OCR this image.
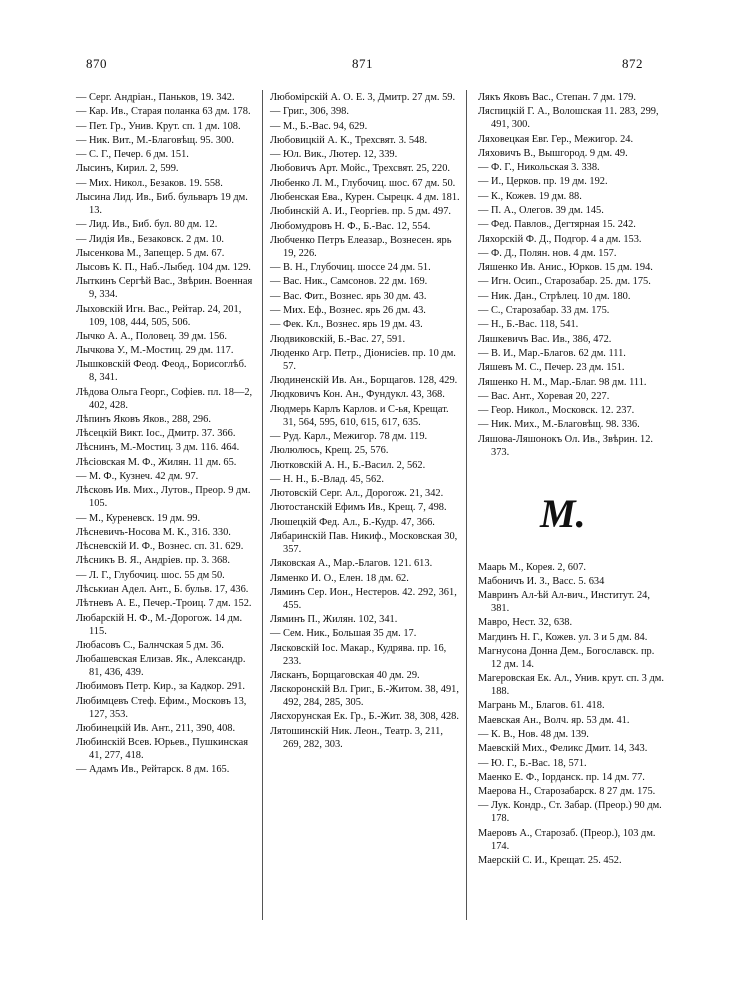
870	871	872
— Серг. Андріан., Паньков, 19. 342.
— Кар. Ив., Старая поланка 63 дм. 178.
— Пет. Гр., Унив. Крут. сп. 1 дм. 108.
— Ник. Вит., М.-Благовѣщ. 95. 300.
— С. Г., Печер. 6 дм. 151.
Лысинъ, Кирил. 2, 599.
— Мих. Никол., Безаков. 19. 558.
Лысина Лид. Ив., Биб. бульваръ 19 дм. 13.
— Лид. Ив., Биб. бул. 80 дм. 12.
— Лидія Ив., Безаковск. 2 дм. 10.
Лысенкова М., Запещер. 5 дм. 67.
Лысовъ К. П., Наб.-Лыбед. 104 дм. 129.
Лыткинъ Сергѣй Вас., Звѣрин. Военная 9, 334.
Лыховскій Игн. Вас., Рейтар. 24, 201, 109, 108, 444, 505, 506.
Лычко А. А., Половец. 39 дм. 156.
Лычкова У., М.-Мостиц. 29 дм. 117.
Лышковскій Феод. Феод., Борисоглѣб. 8, 341.
Лѣдова Ольга Георг., Софіев. пл. 18—2, 402, 428.
Лѣпинъ Яковъ Яков., 288, 296.
Лѣсецкій Викт. Іос., Дмитр. 37. 366.
Лѣснинъ, М.-Мостиц. 3 дм. 116. 464.
Лѣсіовская М. Ф., Жилян. 11 дм. 65.
— М. Ф., Кузнеч. 42 дм. 97.
Лѣсковъ Ив. Мих., Лутов., Преор. 9 дм. 105.
— М., Куреневск. 19 дм. 99.
Лѣсневичъ-Носова М. К., 316. 330.
Лѣсневскій И. Ф., Вознес. сп. 31. 629.
Лѣсникъ В. Я., Андріев. пр. 3. 368.
— Л. Г., Глубочиц. шос. 55 дм 50.
Лѣськиан Адел. Ант., Б. бульв. 17, 436.
Лѣтневъ А. Е., Печер.-Троиц. 7 дм. 152.
Любарскій Н. Ф., М.-Дорогож. 14 дм. 115.
Любасовъ С., Балнчская 5 дм. 36.
Любашевская Елизав. Як., Александр. 81, 436, 439.
Любимовъ Петр. Кир., за Кадкор. 291.
Любимцевъ Стеф. Ефим., Московъ 13, 127, 353.
Любинецкій Ив. Ант., 211, 390, 408.
Любинскій Всев. Юрьев., Пушкинская 41, 277, 418.
— Адамъ Ив., Рейтарск. 8 дм. 165.
Любомірскій А. О. Е. 3, Дмитр. 27 дм. 59.
— Григ., 306, 398.
— М., Б.-Вас. 94, 629.
Любовицкій А. К., Трехсвят. 3. 548.
— Юл. Вик., Лютер. 12, 339.
Любовичъ Арт. Мойс., Трехсвят. 25, 220.
Любенко Л. М., Глубочиц. шос. 67 дм. 50.
Любенская Ева., Курен. Сырецк. 4 дм. 181.
Любинскій А. И., Георгіев. пр. 5 дм. 497.
Любомудровъ Н. Ф., Б.-Вас. 12, 554.
Любченко Петръ Елеазар., Вознесен. ярь 19, 226.
— В. Н., Глубочиц. шоссе 24 дм. 51.
— Вас. Ник., Самсонов. 22 дм. 169.
— Вас. Фит., Вознес. ярь 30 дм. 43.
— Мих. Еф., Вознес. ярь 26 дм. 43.
— Фек. Кл., Вознес. ярь 19 дм. 43.
Людвиковскій, Б.-Вас. 27, 591.
Люденко Агр. Петр., Діонисіев. пр. 10 дм. 57.
Людиненскій Ив. Ан., Борщагов. 128, 429.
Людковичъ Кон. Ан., Фундукл. 43, 368.
Людмерь Карлъ Карлов. и С-ья, Крещат. 31, 564, 595, 610, 615, 617, 635.
— Руд. Карл., Межигор. 78 дм. 119.
Люлюлюсь, Крещ. 25, 576.
Лютковскій А. Н., Б.-Васил. 2, 562.
— Н. Н., Б.-Влад. 45, 562.
Лютовскій Серг. Ал., Дорогож. 21, 342.
Лютостанскій Ефимъ Ив., Крещ. 7, 498.
Люшецкій Фед. Ал., Б.-Кудр. 47, 366.
Лябаринскій Пав. Никиф., Московская 30, 357.
Ляковская А., Мар.-Благов. 121. 613.
Ляменко И. О., Елен. 18 дм. 62.
Ляминъ Сер. Ион., Нестеров. 42. 292, 361, 455.
Ляминъ П., Жилян. 102, 341.
— Сем. Ник., Большая 35 дм. 17.
Лясковскій Іос. Макар., Кудрява. пр. 16, 233.
Лясканъ, Борщаговская 40 дм. 29.
Ляскоронскій Вл. Григ., Б.-Житом. 38, 491, 492, 284, 285, 305.
Лясхорунская Ек. Гр., Б.-Жит. 38, 308, 428.
Лятошинскій Ник. Леон., Театр. 3, 211, 269, 282, 303.
Лякъ Яковъ Вас., Степан. 7 дм. 179.
Ляспицкій Г. А., Волошская 11. 283, 299, 491, 300.
Ляховецкая Евг. Гер., Межигор. 24.
Ляховичъ В., Вышгород. 9 дм. 49.
— Ф. Г., Никольская 3. 338.
— И., Церков. пр. 19 дм. 192.
— К., Кожев. 19 дм. 88.
— П. А., Олегов. 39 дм. 145.
— Фед. Павлов., Дегтярная 15. 242.
Ляхорскій Ф. Д., Подгор. 4 а дм. 153.
— Ф. Д., Полян. нов. 4 дм. 157.
Ляшенко Ив. Анис., Юрков. 15 дм. 194.
— Игн. Осип., Старозабар. 25. дм. 175.
— Ник. Дан., Стрѣлец. 10 дм. 180.
— С., Старозабар. 33 дм. 175.
— Н., Б.-Вас. 118, 541.
Ляшкевичъ Вас. Ив., 386, 472.
— В. И., Мар.-Благов. 62 дм. 111.
Ляшевъ М. С., Печер. 23 дм. 151.
Ляшенко Н. М., Мар.-Благ. 98 дм. 111.
— Вас. Ант., Хоревая 20, 227.
— Геор. Никол., Московск. 12. 237.
— Ник. Мих., М.-Благовѣщ. 98. 336.
Ляшова-Ляшонокъ Ол. Ив., Звѣрин. 12. 373.
М.
Маарь М., Корея. 2, 607.
Мабоничъ И. З., Васс. 5. 634
Мавринъ Ал-ѣй Ал-вич., Институт. 24, 381.
Мавро, Нест. 32, 638.
Магдинъ Н. Г., Кожев. ул. 3 и 5 дм. 84.
Магнусона Донна Дем., Богославск. пр. 12 дм. 14.
Магеровская Ек. Ал., Унив. крут. сп. 3 дм. 188.
Магрань М., Благов. 61. 418.
Маевская Ан., Волч. яр. 53 дм. 41.
— К. В., Нов. 48 дм. 139.
Маевскій Мих., Феликс Дмит. 14, 343.
— Ю. Г., Б.-Вас. 18, 571.
Маенко Е. Ф., Іорданск. пр. 14 дм. 77.
Маерова Н., Старозабарск. 8 27 дм. 175.
— Лук. Кондр., Ст. Забар. (Преор.) 90 дм. 178.
Маеровъ А., Старозаб. (Преор.), 103 дм. 174.
Маерскій С. И., Крещат. 25. 452.
